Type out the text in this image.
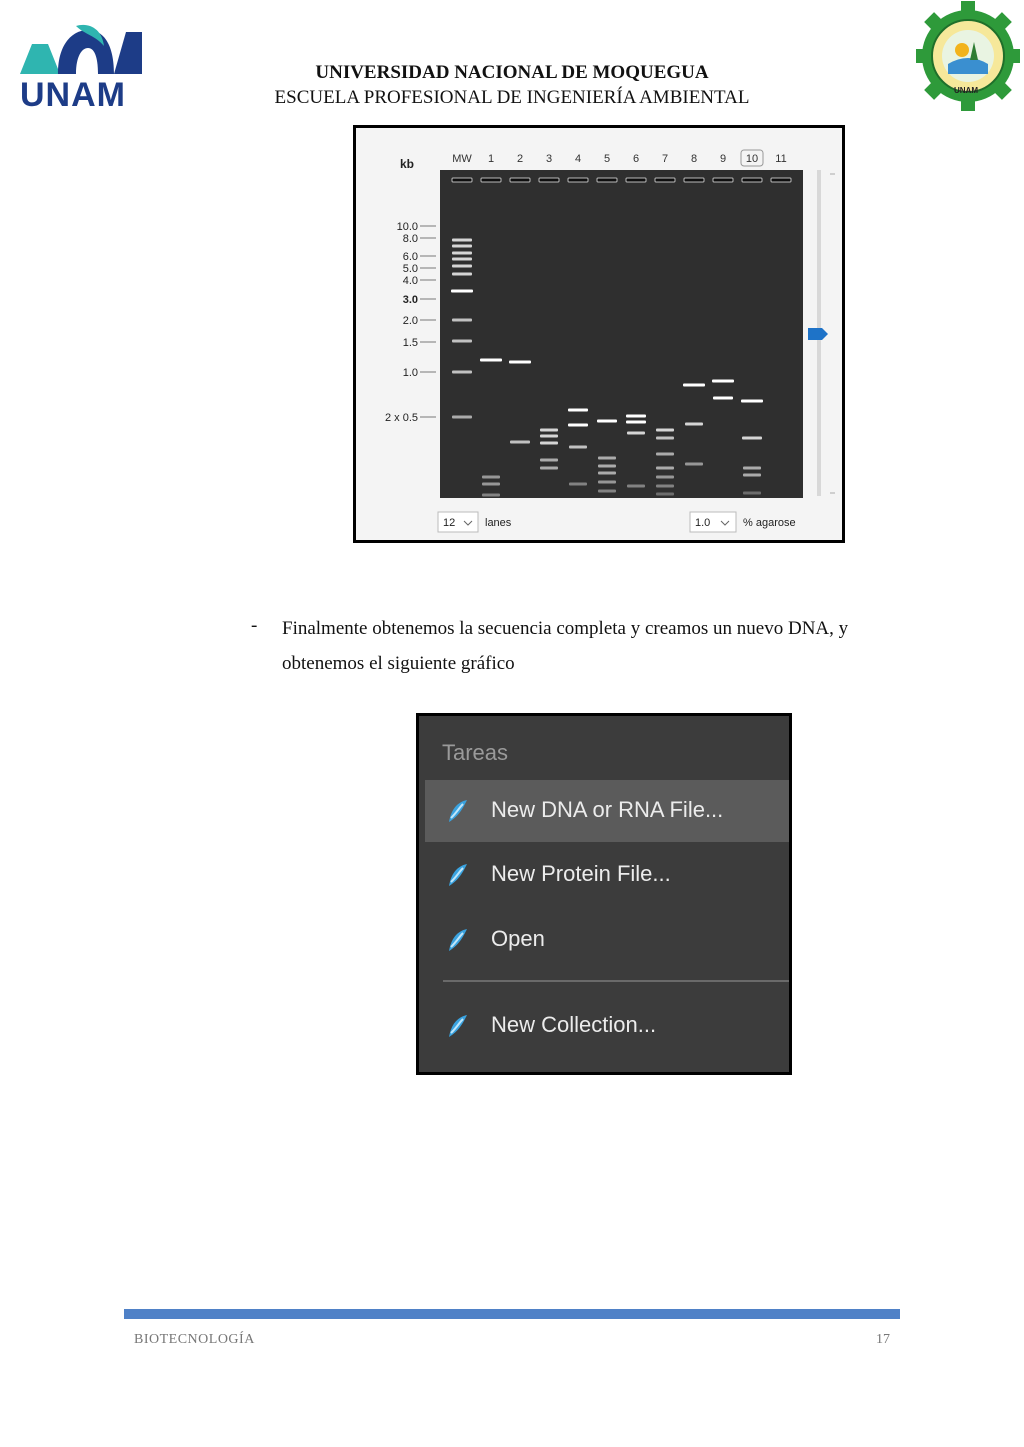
UNAM
UNIVERSIDAD NACIONAL DE MOQUEGUA
ESCUELA PROFESIONAL DE INGENIERÍA AMBIENTAL	UNAM
kb	MW 1 2 3 4 5 6 7 8 9 10 11
10.0
8.0
6.0
5.0
4.0
3.0
2.0
1.5
1.0
2 x 0.5
12	lanes	1.0	% agarose
- Finalmente obtenemos la secuencia completa y creamos un nuevo DNA, y obtenemos el siguiente gráfico
Tareas
New DNA or RNA File...
New Protein File...
Open
New Collection...
BIOTECNOLOGÍA	17
